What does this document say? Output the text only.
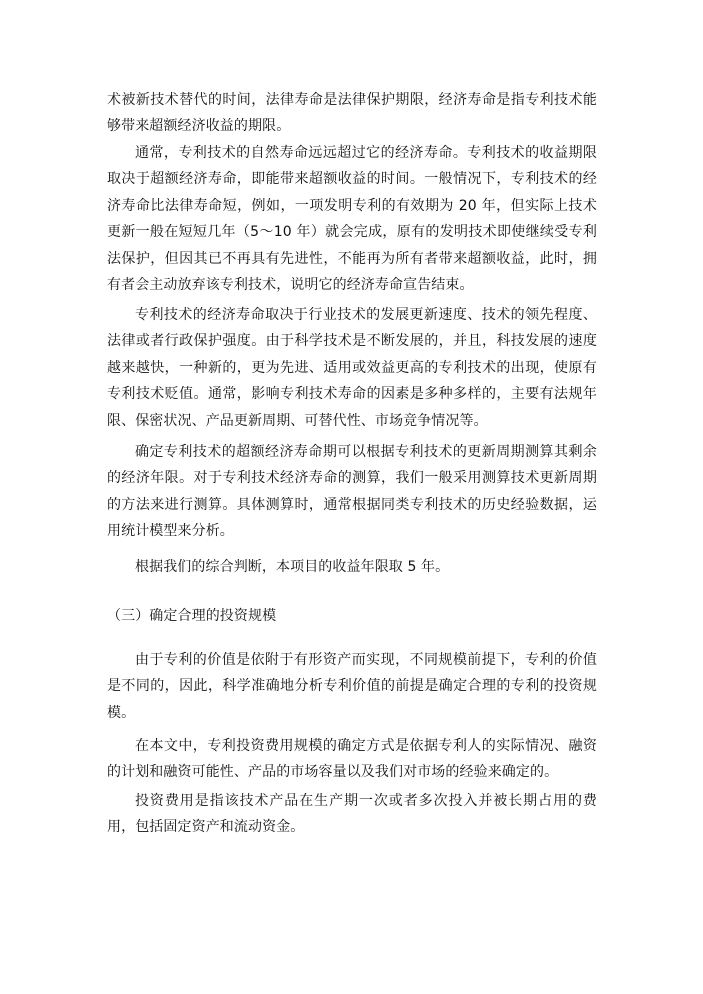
术被新技术替代的时间，法律寿命是法律保护期限，经济寿命是指专利技术能够带来超额经济收益的期限。

通常，专利技术的自然寿命远远超过它的经济寿命。专利技术的收益期限取决于超额经济寿命，即能带来超额收益的时间。一般情况下，专利技术的经济寿命比法律寿命短，例如，一项发明专利的有效期为 20 年，但实际上技术更新一般在短短几年（5～10 年）就会完成，原有的发明技术即使继续受专利法保护，但因其已不再具有先进性，不能再为所有者带来超额收益，此时，拥有者会主动放弃该专利技术，说明它的经济寿命宣告结束。

专利技术的经济寿命取决于行业技术的发展更新速度、技术的领先程度、法律或者行政保护强度。由于科学技术是不断发展的，并且，科技发展的速度越来越快，一种新的，更为先进、适用或效益更高的专利技术的出现，使原有专利技术贬值。通常，影响专利技术寿命的因素是多种多样的，主要有法规年限、保密状况、产品更新周期、可替代性、市场竞争情况等。

确定专利技术的超额经济寿命期可以根据专利技术的更新周期测算其剩余的经济年限。对于专利技术经济寿命的测算，我们一般采用测算技术更新周期的方法来进行测算。具体测算时，通常根据同类专利技术的历史经验数据，运用统计模型来分析。

根据我们的综合判断，本项目的收益年限取 5 年。

（三）确定合理的投资规模

由于专利的价值是依附于有形资产而实现，不同规模前提下，专利的价值是不同的，因此，科学准确地分析专利价值的前提是确定合理的专利的投资规模。

在本文中，专利投资费用规模的确定方式是依据专利人的实际情况、融资的计划和融资可能性、产品的市场容量以及我们对市场的经验来确定的。

投资费用是指该技术产品在生产期一次或者多次投入并被长期占用的费用，包括固定资产和流动资金。
